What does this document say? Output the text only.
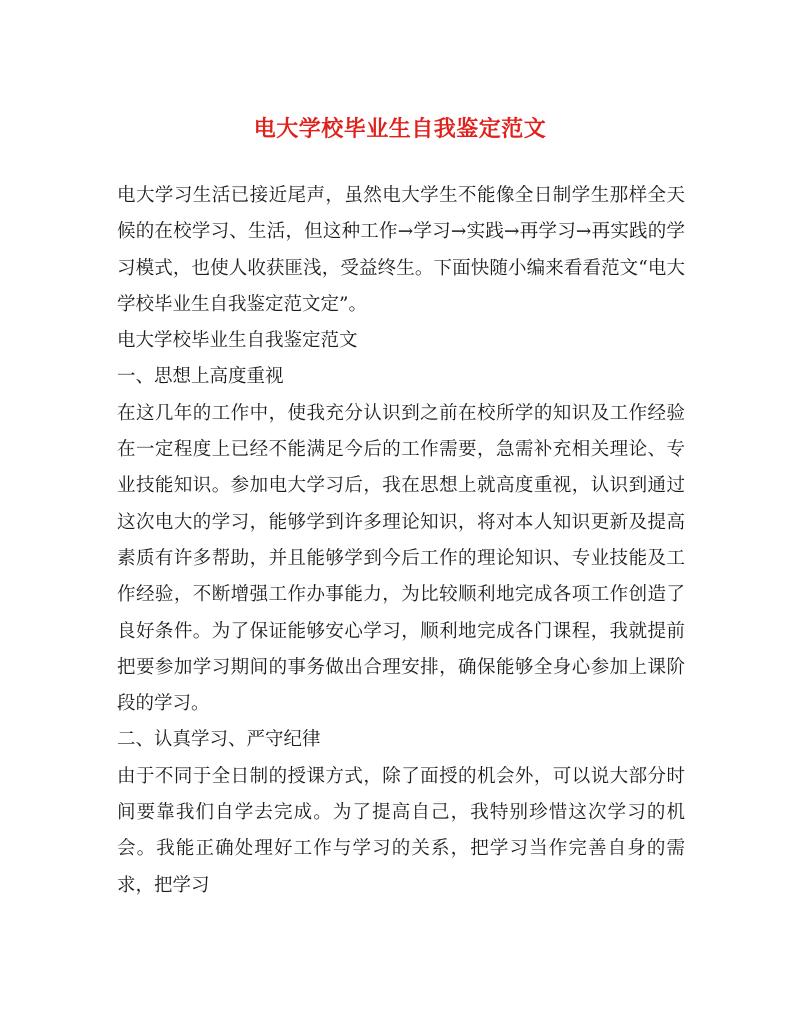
电大学校毕业生自我鉴定范文

电大学习生活已接近尾声，虽然电大学生不能像全日制学生那样全天候的在校学习、生活，但这种工作→学习→实践→再学习→再实践的学习模式，也使人收获匪浅，受益终生。下面快随小编来看看范文“电大学校毕业生自我鉴定范文定”。

电大学校毕业生自我鉴定范文

一、思想上高度重视

在这几年的工作中，使我充分认识到之前在校所学的知识及工作经验在一定程度上已经不能满足今后的工作需要，急需补充相关理论、专业技能知识。参加电大学习后，我在思想上就高度重视，认识到通过这次电大的学习，能够学到许多理论知识，将对本人知识更新及提高素质有许多帮助，并且能够学到今后工作的理论知识、专业技能及工作经验，不断增强工作办事能力，为比较顺利地完成各项工作创造了良好条件。为了保证能够安心学习，顺利地完成各门课程，我就提前把要参加学习期间的事务做出合理安排，确保能够全身心参加上课阶段的学习。

二、认真学习、严守纪律

由于不同于全日制的授课方式，除了面授的机会外，可以说大部分时间要靠我们自学去完成。为了提高自己，我特别珍惜这次学习的机会。我能正确处理好工作与学习的关系，把学习当作完善自身的需求，把学习
